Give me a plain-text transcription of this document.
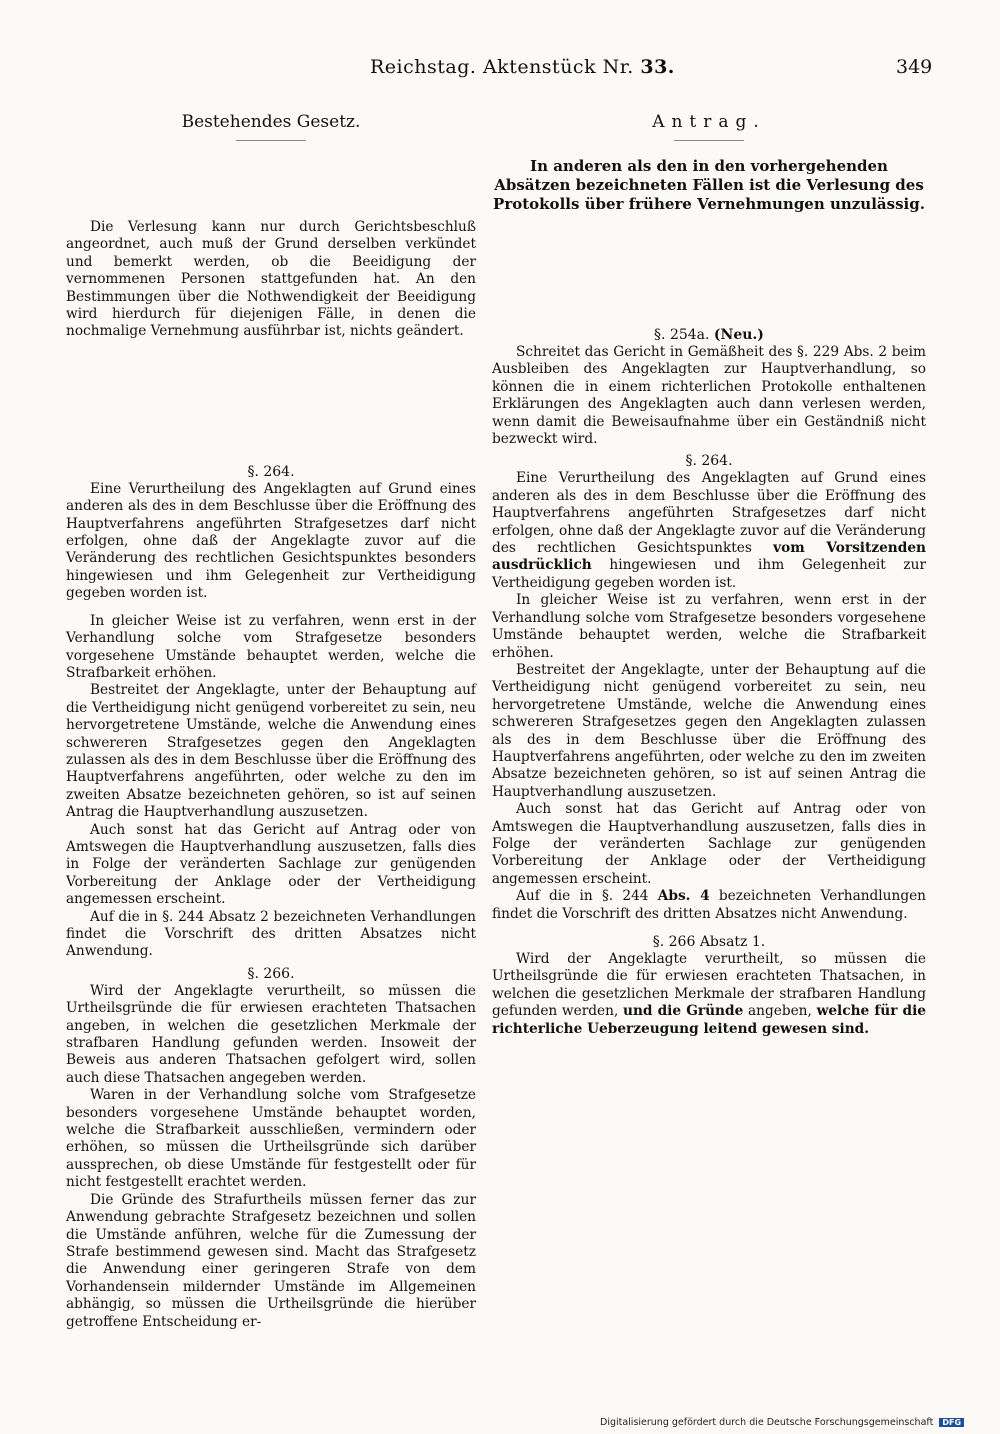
Reichstag. Aktenstück Nr. 33.	349

Bestehendes Gesetz.

Die Verlesung kann nur durch Gerichtsbeschluß angeordnet, auch muß der Grund derselben verkündet und bemerkt werden, ob die Beeidigung der vernommenen Personen stattgefunden hat. An den Bestimmungen über die Nothwendigkeit der Beeidigung wird hierdurch für diejenigen Fälle, in denen die nochmalige Vernehmung ausführbar ist, nichts geändert.

§. 264.

Eine Verurtheilung des Angeklagten auf Grund eines anderen als des in dem Beschlusse über die Eröffnung des Hauptverfahrens angeführten Strafgesetzes darf nicht erfolgen, ohne daß der Angeklagte zuvor auf die Veränderung des rechtlichen Gesichtspunktes besonders hingewiesen und ihm Gelegenheit zur Vertheidigung gegeben worden ist.

In gleicher Weise ist zu verfahren, wenn erst in der Verhandlung solche vom Strafgesetze besonders vorgesehene Umstände behauptet werden, welche die Strafbarkeit erhöhen.

Bestreitet der Angeklagte, unter der Behauptung auf die Vertheidigung nicht genügend vorbereitet zu sein, neu hervorgetretene Umstände, welche die Anwendung eines schwereren Strafgesetzes gegen den Angeklagten zulassen als des in dem Beschlusse über die Eröffnung des Hauptverfahrens angeführten, oder welche zu den im zweiten Absatze bezeichneten gehören, so ist auf seinen Antrag die Hauptverhandlung auszusetzen.

Auch sonst hat das Gericht auf Antrag oder von Amtswegen die Hauptverhandlung auszusetzen, falls dies in Folge der veränderten Sachlage zur genügenden Vorbereitung der Anklage oder der Vertheidigung angemessen erscheint.

Auf die in §. 244 Absatz 2 bezeichneten Verhandlungen findet die Vorschrift des dritten Absatzes nicht Anwendung.

§. 266.

Wird der Angeklagte verurtheilt, so müssen die Urtheilsgründe die für erwiesen erachteten Thatsachen angeben, in welchen die gesetzlichen Merkmale der strafbaren Handlung gefunden werden. Insoweit der Beweis aus anderen Thatsachen gefolgert wird, sollen auch diese Thatsachen angegeben werden.

Waren in der Verhandlung solche vom Strafgesetze besonders vorgesehene Umstände behauptet worden, welche die Strafbarkeit ausschließen, vermindern oder erhöhen, so müssen die Urtheilsgründe sich darüber aussprechen, ob diese Umstände für festgestellt oder für nicht festgestellt erachtet werden.

Die Gründe des Strafurtheils müssen ferner das zur Anwendung gebrachte Strafgesetz bezeichnen und sollen die Umstände anführen, welche für die Zumessung der Strafe bestimmend gewesen sind. Macht das Strafgesetz die Anwendung einer geringeren Strafe von dem Vorhandensein mildernder Umstände im Allgemeinen abhängig, so müssen die Urtheilsgründe die hierüber getroffene Entscheidung er-

Antrag.

In anderen als den in den vorhergehenden Absätzen bezeichneten Fällen ist die Verlesung des Protokolls über frühere Vernehmungen unzulässig.

§. 254a. (Neu.)

Schreitet das Gericht in Gemäßheit des §. 229 Abs. 2 beim Ausbleiben des Angeklagten zur Hauptverhandlung, so können die in einem richterlichen Protokolle enthaltenen Erklärungen des Angeklagten auch dann verlesen werden, wenn damit die Beweisaufnahme über ein Geständniß nicht bezweckt wird.

§. 264.

Eine Verurtheilung des Angeklagten auf Grund eines anderen als des in dem Beschlusse über die Eröffnung des Hauptverfahrens angeführten Strafgesetzes darf nicht erfolgen, ohne daß der Angeklagte zuvor auf die Veränderung des rechtlichen Gesichtspunktes vom Vorsitzenden ausdrücklich hingewiesen und ihm Gelegenheit zur Vertheidigung gegeben worden ist.

In gleicher Weise ist zu verfahren, wenn erst in der Verhandlung solche vom Strafgesetze besonders vorgesehene Umstände behauptet werden, welche die Strafbarkeit erhöhen.

Bestreitet der Angeklagte, unter der Behauptung auf die Vertheidigung nicht genügend vorbereitet zu sein, neu hervorgetretene Umstände, welche die Anwendung eines schwereren Strafgesetzes gegen den Angeklagten zulassen als des in dem Beschlusse über die Eröffnung des Hauptverfahrens angeführten, oder welche zu den im zweiten Absatze bezeichneten gehören, so ist auf seinen Antrag die Hauptverhandlung auszusetzen.

Auch sonst hat das Gericht auf Antrag oder von Amtswegen die Hauptverhandlung auszusetzen, falls dies in Folge der veränderten Sachlage zur genügenden Vorbereitung der Anklage oder der Vertheidigung angemessen erscheint.

Auf die in §. 244 Abs. 4 bezeichneten Verhandlungen findet die Vorschrift des dritten Absatzes nicht Anwendung.

§. 266 Absatz 1.

Wird der Angeklagte verurtheilt, so müssen die Urtheilsgründe die für erwiesen erachteten Thatsachen, in welchen die gesetzlichen Merkmale der strafbaren Handlung gefunden werden, und die Gründe angeben, welche für die richterliche Ueberzeugung leitend gewesen sind.

Digitalisierung gefördert durch die Deutsche Forschungsgemeinschaft DFG
